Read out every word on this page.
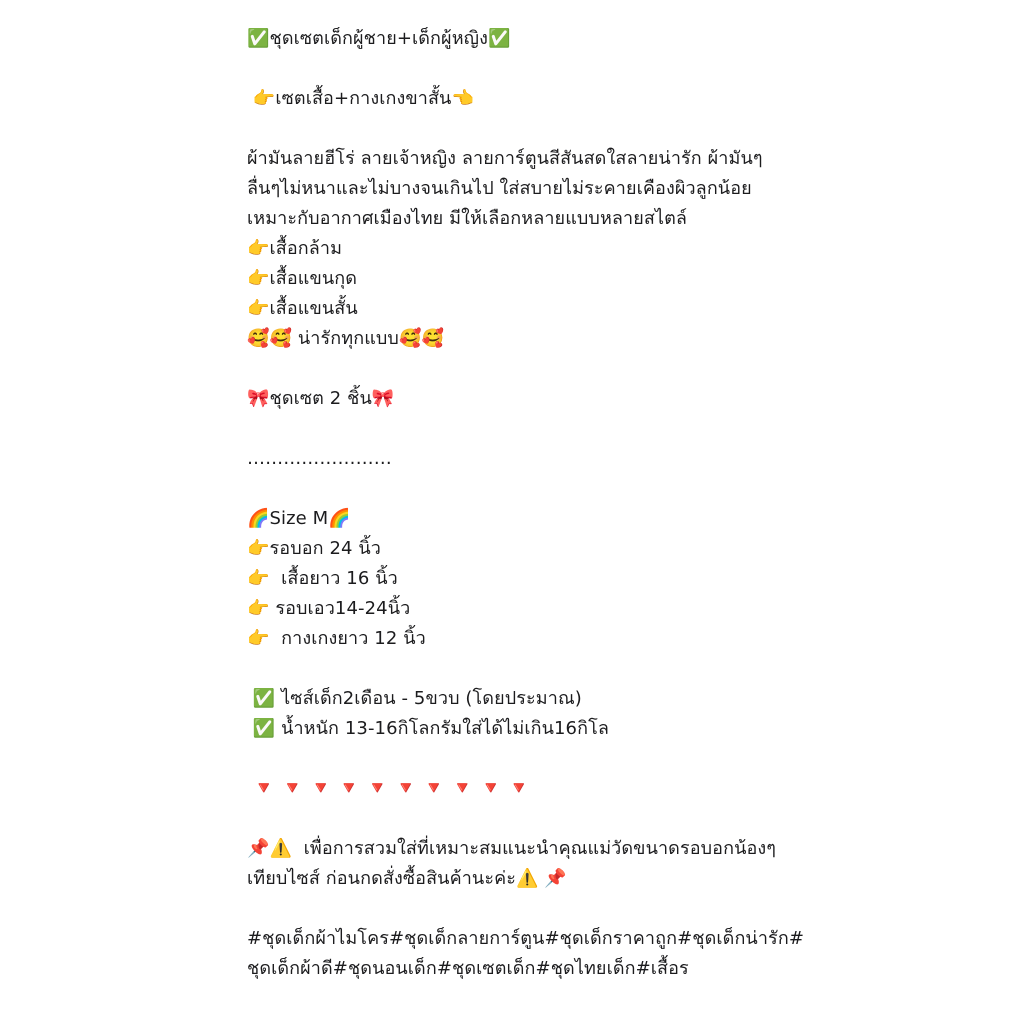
✅ชุดเซตเด็กผู้ชาย+เด็กผู้หญิง✅
👉เซตเสื้อ+กางเกงขาสั้น👈
ผ้ามันลายฮีโร่ ลายเจ้าหญิง ลายการ์ตูนสีสันสดใสลายน่ารัก ผ้ามันๆ
ลื่นๆไม่หนาและไม่บางจนเกินไป ใส่สบายไม่ระคายเคืองผิวลูกน้อย
เหมาะกับอากาศเมืองไทย มีให้เลือกหลายแบบหลายสไตล์
👉เสื้อกล้าม
👉เสื้อแขนกุด
👉เสื้อแขนสั้น
🥰🥰 น่ารักทุกแบบ🥰🥰
🎀ชุดเซต 2 ชิ้น🎀
……………………
🌈Size M🌈
👉รอบอก 24 นิ้ว
👉  เสื้อยาว 16 นิ้ว
👉 รอบเอว14-24นิ้ว
👉  กางเกงยาว 12 นิ้ว
✅ ไซส์เด็ก2เดือน - 5ขวบ (โดยประมาณ)
✅ น้ำหนัก 13-16กิโลกรัมใส่ได้ไม่เกิน16กิโล
🔻 🔻 🔻 🔻 🔻 🔻 🔻 🔻 🔻 🔻
📌⚠️  เพื่อการสวมใส่ที่เหมาะสมแนะนำคุณแม่วัดขนาดรอบอกน้องๆ
เทียบไซส์ ก่อนกดสั่งซื้อสินค้านะค่ะ⚠️ 📌
#ชุดเด็กผ้าไมโคร#ชุดเด็กลายการ์ตูน#ชุดเด็กราคาถูก#ชุดเด็กน่ารัก#ชุดเด็กผ้าดี#ชุดนอนเด็ก#ชุดเซตเด็ก#ชุดไทยเด็ก#เสื้อร
